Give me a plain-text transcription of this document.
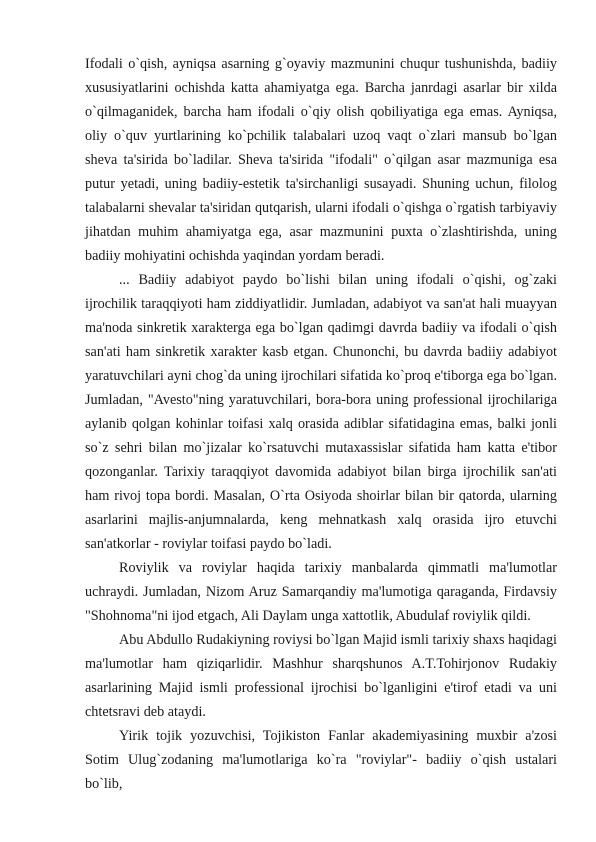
Ifodali o`qish, ayniqsa asarning g`oyaviy mazmunini chuqur tushunishda, badiiy xususiyatlarini ochishda katta ahamiyatga ega. Barcha janrdagi asarlar bir xilda o`qilmaganidek, barcha ham ifodali o`qiy olish qobiliyatiga ega emas. Ayniqsa, oliy o`quv yurtlarining ko`pchilik talabalari uzoq vaqt o`zlari mansub bo`lgan sheva ta'sirida bo`ladilar. Sheva ta'sirida "ifodali" o`qilgan asar mazmuniga esa putur yetadi, uning badiiy-estetik ta'sirchanligi susayadi. Shuning uchun, filolog talabalarni shevalar ta'siridan qutqarish, ularni ifodali o`qishga o`rgatish tarbiyaviy jihatdan muhim ahamiyatga ega, asar mazmunini puxta o`zlashtirishda, uning badiiy mohiyatini ochishda yaqindan yordam beradi.

... Badiiy adabiyot paydo bo`lishi bilan uning ifodali o`qishi, og`zaki ijrochilik taraqqiyoti ham ziddiyatlidir. Jumladan, adabiyot va san'at hali muayyan ma'noda sinkretik xarakterga ega bo`lgan qadimgi davrda badiiy va ifodali o`qish san'ati ham sinkretik xarakter kasb etgan. Chunonchi, bu davrda badiiy adabiyot yaratuvchilari ayni chog`da uning ijrochilari sifatida ko`proq e'tiborga ega bo`lgan. Jumladan, "Avesto"ning yaratuvchilari, bora-bora uning professional ijrochilariga aylanib qolgan kohinlar toifasi xalq orasida adiblar sifatidagina emas, balki jonli so`z sehri bilan mo`jizalar ko`rsatuvchi mutaxassislar sifatida ham katta e'tibor qozonganlar. Tarixiy taraqqiyot davomida adabiyot bilan birga ijrochilik san'ati ham rivoj topa bordi. Masalan, O`rta Osiyoda shoirlar bilan bir qatorda, ularning asarlarini majlis-anjumnalarda, keng mehnatkash xalq orasida ijro etuvchi san'atkorlar - roviylar toifasi paydo bo`ladi.

Roviylik va roviylar haqida tarixiy manbalarda qimmatli ma'lumotlar uchraydi. Jumladan, Nizom Aruz Samarqandiy ma'lumotiga qaraganda, Firdavsiy "Shohnoma"ni ijod etgach, Ali Daylam unga xattotlik, Abudulaf roviylik qildi.

Abu Abdullo Rudakiyning roviysi bo`lgan Majid ismli tarixiy shaxs haqidagi ma'lumotlar ham qiziqarlidir. Mashhur sharqshunos A.T.Tohirjonov Rudakiy asarlarining Majid ismli professional ijrochisi bo`lganligini e'tirof etadi va uni chtetsravi deb ataydi.

Yirik tojik yozuvchisi, Tojikiston Fanlar akademiyasining muxbir a'zosi Sotim Ulug`zodaning ma'lumotlariga ko`ra "roviylar"- badiiy o`qish ustalari bo`lib,
